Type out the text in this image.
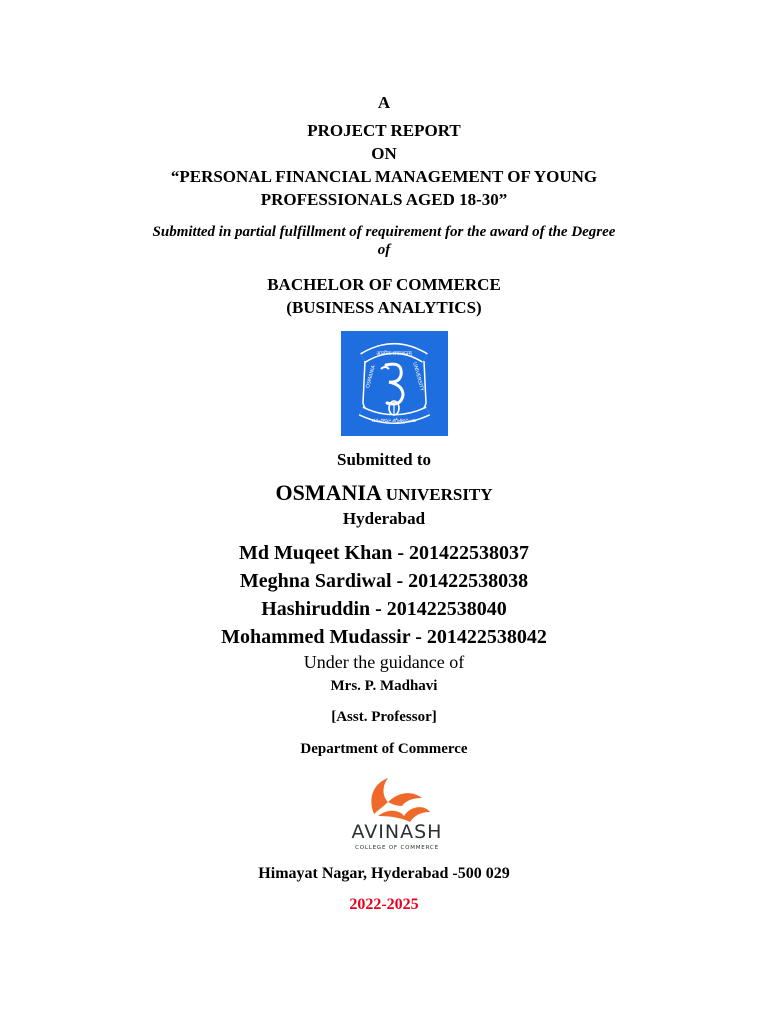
A
PROJECT REPORT
ON
“PERSONAL FINANCIAL MANAGEMENT OF YOUNG
PROFESSIONALS AGED 18-30”
Submitted in partial fulfillment of requirement for the award of the Degree
of
BACHELOR OF COMMERCE
(BUSINESS ANALYTICS)
आलोक प्रकाशनम्
OSMANIA	UNIVERSITY
తమసోమా జ్యోతిర్గమయ
Submitted to
OSMANIA UNIVERSITY
Hyderabad
Md Muqeet Khan - 201422538037
Meghna Sardiwal - 201422538038
Hashiruddin - 201422538040
Mohammed Mudassir - 201422538042
Under the guidance of
Mrs. P. Madhavi
[Asst. Professor]
Department of Commerce
AVINASH
COLLEGE OF COMMERCE
Himayat Nagar, Hyderabad -500 029
2022-2025
